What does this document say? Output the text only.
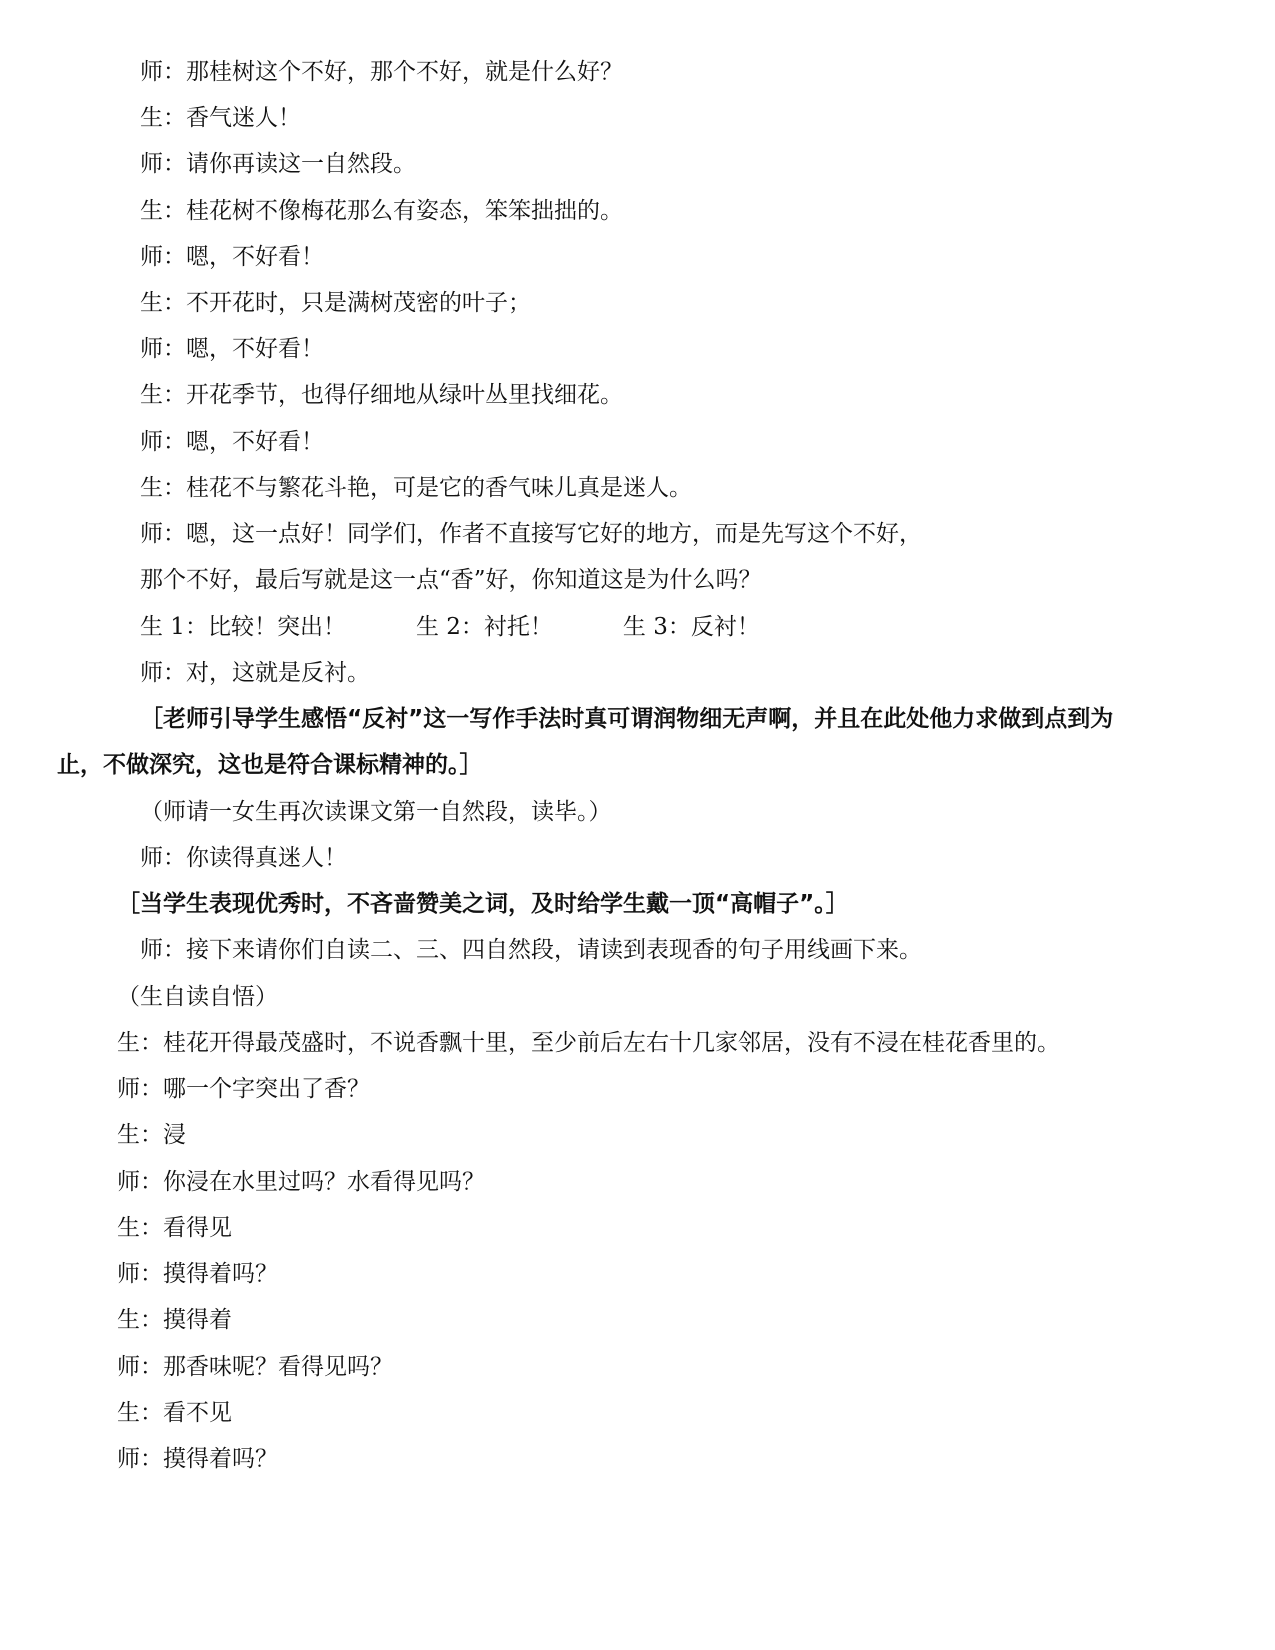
师：那桂树这个不好，那个不好，就是什么好？
生：香气迷人！
师：请你再读这一自然段。
生：桂花树不像梅花那么有姿态，笨笨拙拙的。
师：嗯，不好看！
生：不开花时，只是满树茂密的叶子；
师：嗯，不好看！
生：开花季节，也得仔细地从绿叶丛里找细花。
师：嗯，不好看！
生：桂花不与繁花斗艳，可是它的香气味儿真是迷人。
师：嗯，这一点好！同学们，作者不直接写它好的地方，而是先写这个不好，
那个不好，最后写就是这一点“香”好，你知道这是为什么吗？
生 1：比较！突出！	生 2：衬托！	生 3：反衬！
师：对，这就是反衬。
［老师引导学生感悟“反衬”这一写作手法时真可谓润物细无声啊，并且在此处他力求做到点到为
止，不做深究，这也是符合课标精神的。］
（师请一女生再次读课文第一自然段，读毕。）
师：你读得真迷人！
［当学生表现优秀时，不吝啬赞美之词，及时给学生戴一顶“高帽子”。］
师：接下来请你们自读二、三、四自然段，请读到表现香的句子用线画下来。
（生自读自悟）
生：桂花开得最茂盛时，不说香飘十里，至少前后左右十几家邻居，没有不浸在桂花香里的。
师：哪一个字突出了香？
生：浸
师：你浸在水里过吗？水看得见吗？
生：看得见
师：摸得着吗？
生：摸得着
师：那香味呢？看得见吗？
生：看不见
师：摸得着吗？
